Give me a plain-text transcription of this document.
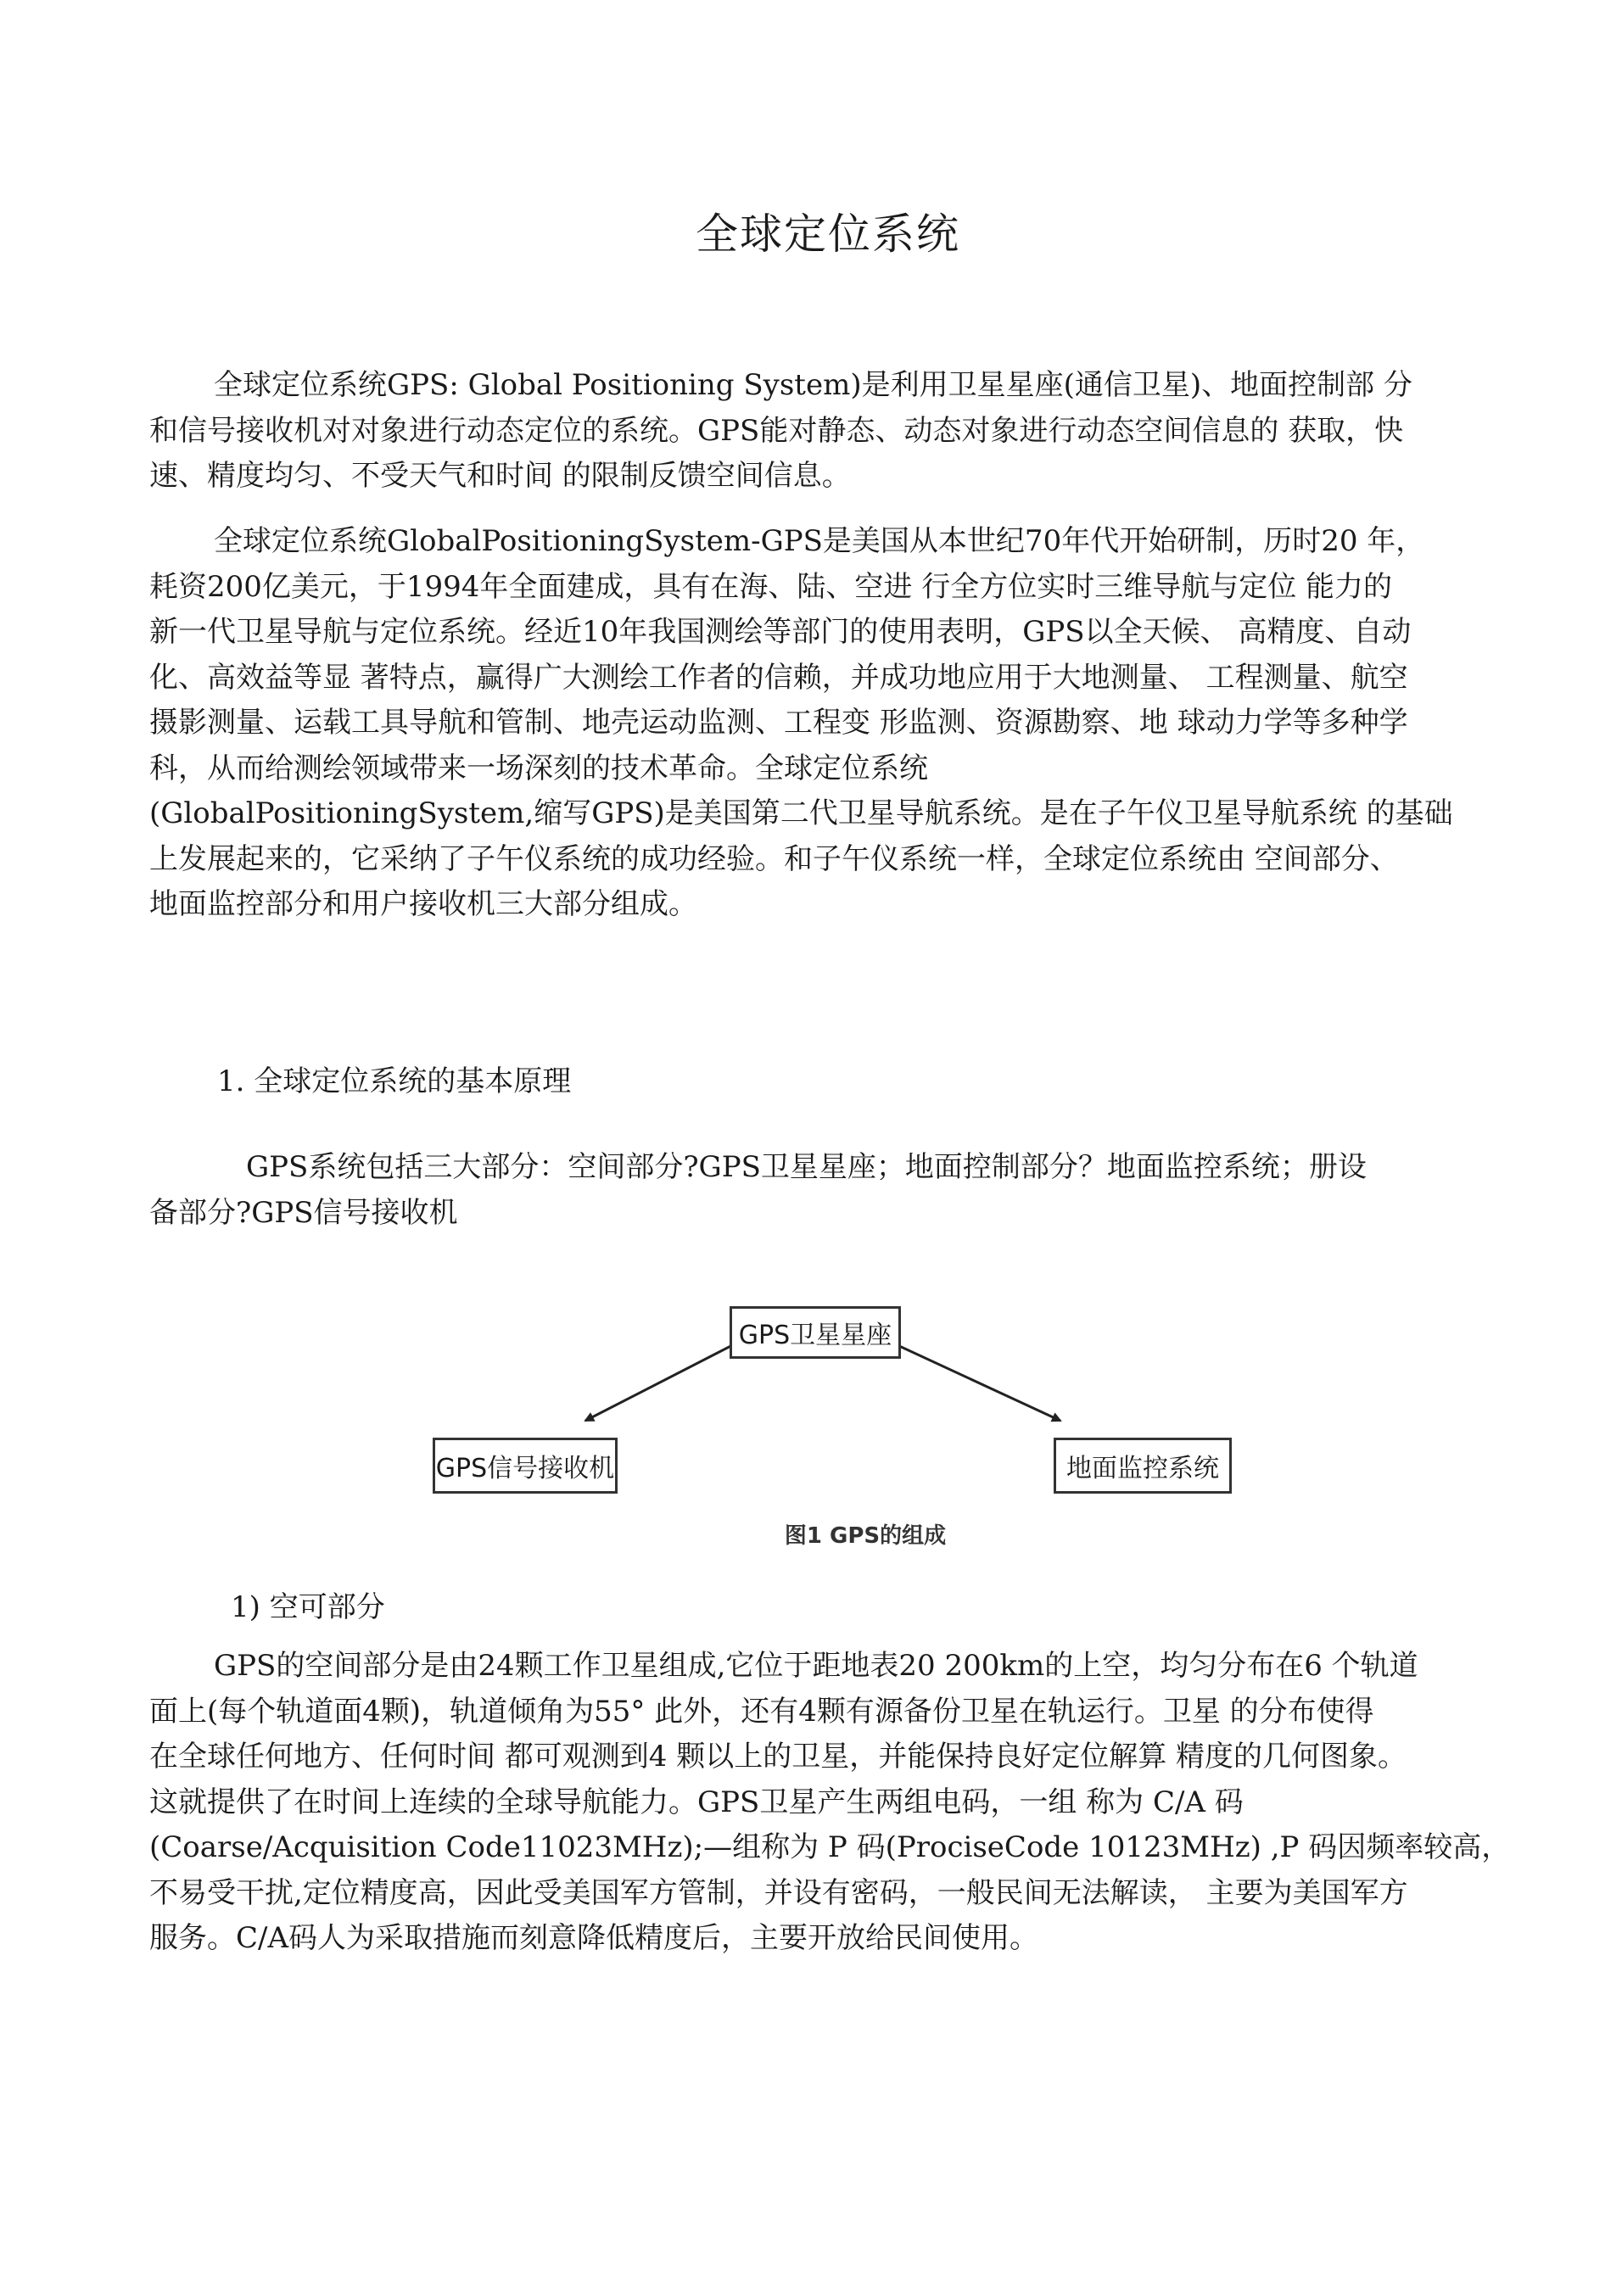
全球定位系统

全球定位系统GPS: Global Positioning System)是利用卫星星座(通信卫星)、地面控制部 分
和信号接收机对对象进行动态定位的系统。GPS能对静态、动态对象进行动态空间信息的 获取，快
速、精度均匀、不受天气和时间 的限制反馈空间信息。

全球定位系统GlobalPositioningSystem-GPS是美国从本世纪70年代开始研制，历时20 年，
耗资200亿美元，于1994年全面建成，具有在海、陆、空进 行全方位实时三维导航与定位 能力的
新一代卫星导航与定位系统。经近10年我国测绘等部门的使用表明，GPS以全天候、 高精度、自动
化、高效益等显 著特点，赢得广大测绘工作者的信赖，并成功地应用于大地测量、 工程测量、航空
摄影测量、运载工具导航和管制、地壳运动监测、工程变 形监测、资源勘察、地 球动力学等多种学
科，从而给测绘领域带来一场深刻的技术革命。全球定位系统
(GlobalPositioningSystem,缩写GPS)是美国第二代卫星导航系统。是在子午仪卫星导航系统 的基础
上发展起来的，它采纳了子午仪系统的成功经验。和子午仪系统一样，全球定位系统由 空间部分、
地面监控部分和用户接收机三大部分组成。

1. 全球定位系统的基本原理

GPS系统包括三大部分：空间部分?GPS卫星星座；地面控制部分？地面监控系统；册设
备部分?GPS信号接收机

GPS卫星星座
GPS信号接收机	地面监控系统
图1 GPS的组成
1) 空可部分

GPS的空间部分是由24颗工作卫星组成,它位于距地表20 200km的上空，均匀分布在6 个轨道
面上(每个轨道面4颗)，轨道倾角为55° 此外，还有4颗有源备份卫星在轨运行。卫星 的分布使得
在全球任何地方、任何时间 都可观测到4 颗以上的卫星，并能保持良好定位解算 精度的几何图象。
这就提供了在时间上连续的全球导航能力。GPS卫星产生两组电码，一组 称为 C/A 码
(Coarse/Acquisition Code11023MHz);—组称为 P 码(ProciseCode 10123MHz) ,P 码因频率较高，
不易受干扰,定位精度高，因此受美国军方管制，并设有密码，一般民间无法解读， 主要为美国军方
服务。C/A码人为采取措施而刻意降低精度后，主要开放给民间使用。
